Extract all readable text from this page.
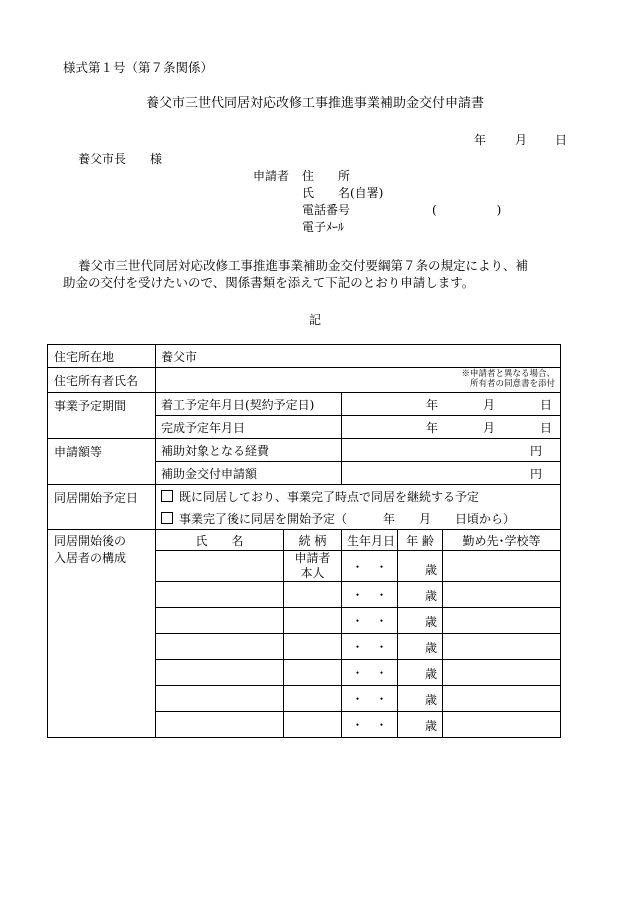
様式第１号（第７条関係）
養父市三世代同居対応改修工事推進事業補助金交付申請書
年 月 日
養父市長　　様
申請者 住　　所
氏　　名(自署)
電話番号	(　　　　　)
電子ﾒｰﾙ
養父市三世代同居対応改修工事推進事業補助金交付要綱第７条の規定により、補
助金の交付を受けたいので、関係書類を添えて下記のとおり申請します。
記
住宅所在地	養父市				
住宅所有者氏名	※申請者と異なる場合、
所有者の同意書を添付				

事業予定期間	着工予定年月日(契約予定日)		年 月 日		

	完成予定年月日		年 月 日		

申請額等	補助対象となる経費		円		
	補助金交付申請額		円		
同居開始予定日	既に同居しており、事業完了時点で同居を継続する予定				
	事業完了後に同居を開始予定（　　　年　　月　　日頃から）				

同居開始後の
入居者の構成	氏　　名	続 柄	生年月日	年 齢	勤め先･学校等

		申請者
本人	・　・	歳	
			・　・	歳	
			・　・	歳	
			・　・	歳	
			・　・	歳	
			・　・	歳	
			・　・	歳	
